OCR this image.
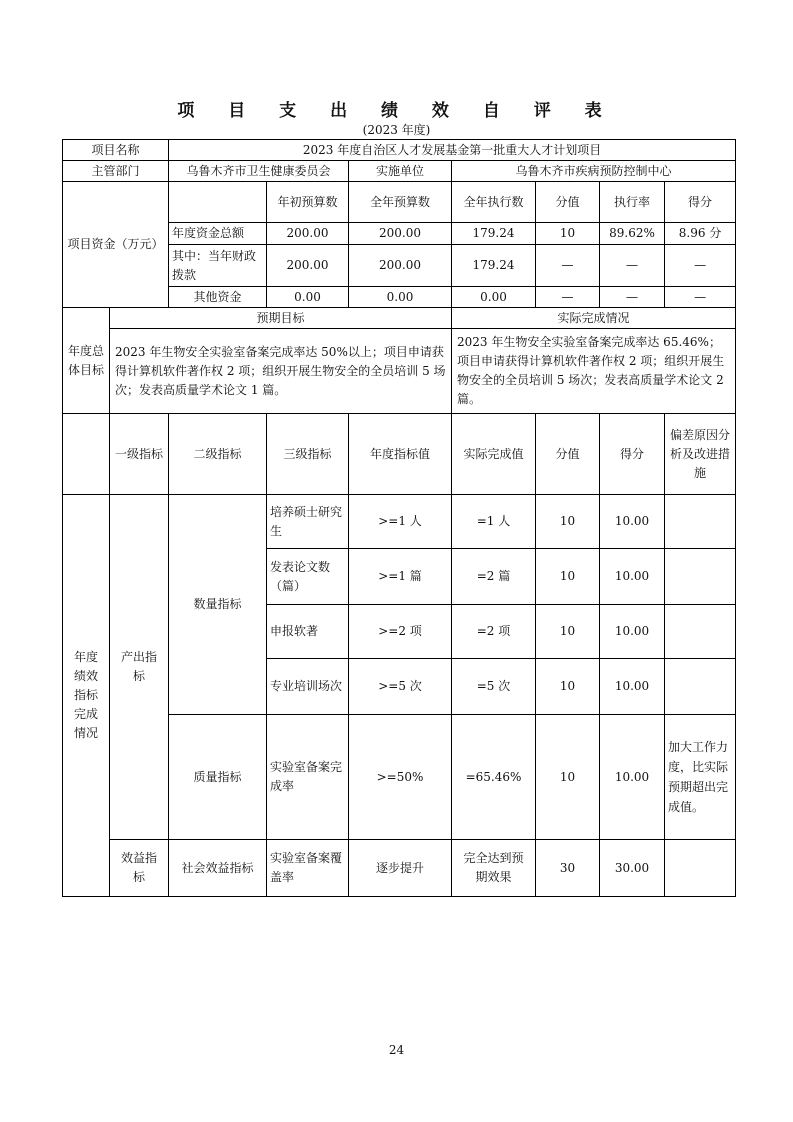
项 目 支 出 绩 效 自 评 表
(2023 年度)
项目名称		2023 年度自治区人才发展基金第一批重大人才计划项目						
主管部门		乌鲁木齐市卫生健康委员会		实施单位	乌鲁木齐市疾病预防控制中心			
项目资金（万元）			年初预算数	全年预算数	全年执行数	分值	执行率	得分
		年度资金总额	200.00	200.00	179.24	10	89.62%	8.96 分
		其中：当年财政拨款	200.00	200.00	179.24	—	—	—
		其他资金	0.00	0.00	0.00	—	—	—
年度总体目标	预期目标				实际完成情况			
	2023 年生物安全实验室备案完成率达 50%以上；项目申请获得计算机软件著作权 2 项；组织开展生物安全的全员培训 5 场次；发表高质量学术论文 1 篇。				2023 年生物安全实验室备案完成率达 65.46%；项目申请获得计算机软件著作权 2 项；组织开展生物安全的全员培训 5 场次；发表高质量学术论文 2 篇。			
	一级指标	二级指标	三级指标	年度指标值	实际完成值	分值	得分	偏差原因分析及改进措施
年度绩效指标完成情况	产出指标	数量指标	培养硕士研究生	>=1 人	=1 人	10	10.00	
			发表论文数（篇）	>=1 篇	=2 篇	10	10.00	
			申报软著	>=2 项	=2 项	10	10.00	
			专业培训场次	>=5 次	=5 次	10	10.00	
		质量指标	实验室备案完成率	>=50%	=65.46%	10	10.00	加大工作力度，比实际预期超出完成值。
	效益指标	社会效益指标	实验室备案覆盖率	逐步提升	完全达到预期效果	30	30.00	
24
